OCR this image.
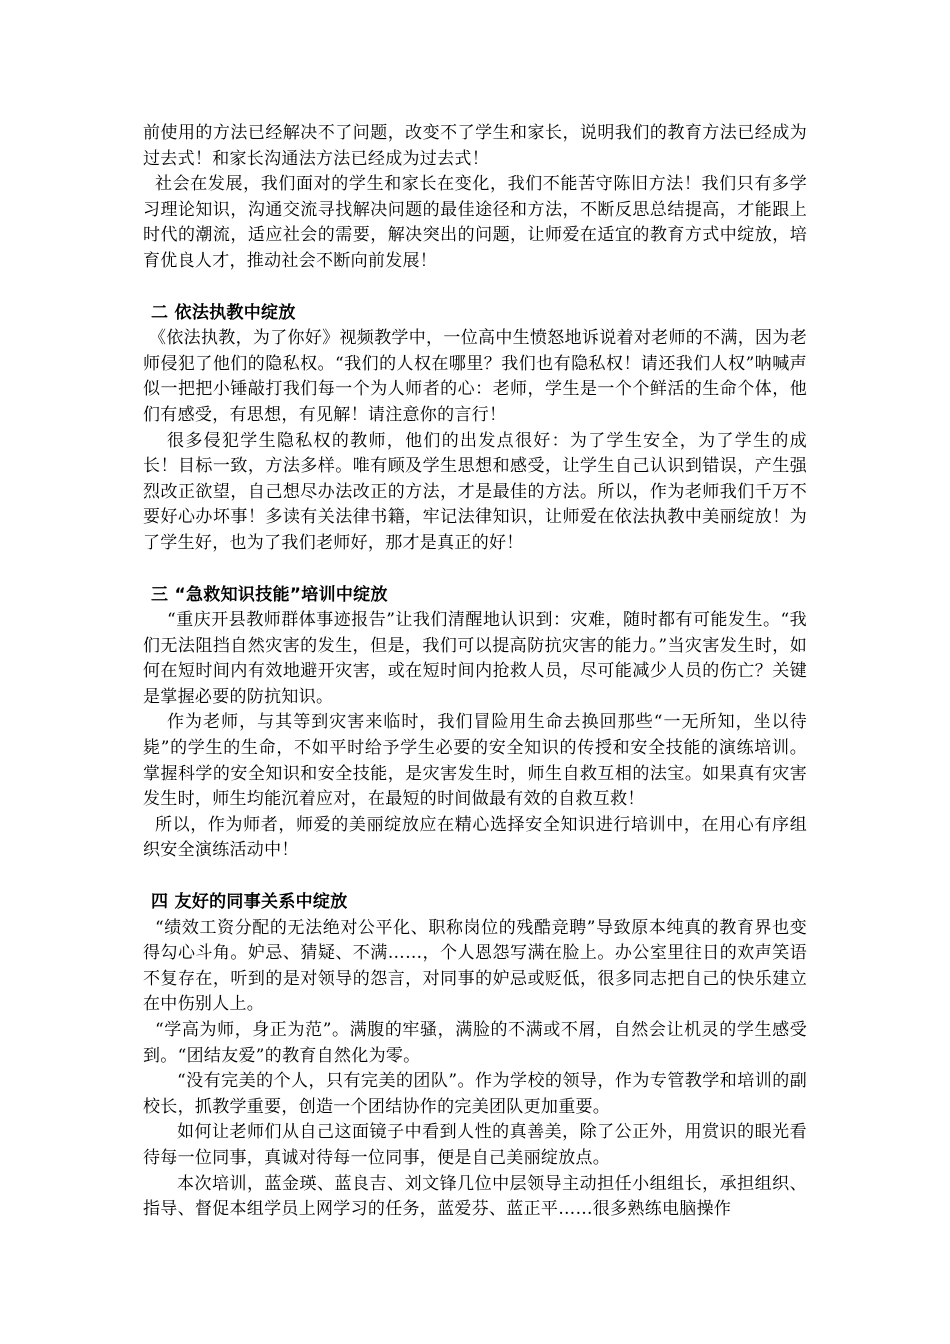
前使用的方法已经解决不了问题，改变不了学生和家长，说明我们的教育方法已经成为过去式！和家长沟通法方法已经成为过去式！

社会在发展，我们面对的学生和家长在变化，我们不能苦守陈旧方法！我们只有多学习理论知识，沟通交流寻找解决问题的最佳途径和方法，不断反思总结提高，才能跟上时代的潮流，适应社会的需要，解决突出的问题，让师爱在适宜的教育方式中绽放，培育优良人才，推动社会不断向前发展！

二 依法执教中绽放

《依法执教，为了你好》视频教学中，一位高中生愤怒地诉说着对老师的不满，因为老师侵犯了他们的隐私权。“我们的人权在哪里？我们也有隐私权！请还我们人权”呐喊声似一把把小锤敲打我们每一个为人师者的心：老师，学生是一个个鲜活的生命个体，他们有感受，有思想，有见解！请注意你的言行！

很多侵犯学生隐私权的教师，他们的出发点很好：为了学生安全，为了学生的成长！目标一致，方法多样。唯有顾及学生思想和感受，让学生自己认识到错误，产生强烈改正欲望，自己想尽办法改正的方法，才是最佳的方法。所以，作为老师我们千万不要好心办坏事！多读有关法律书籍，牢记法律知识，让师爱在依法执教中美丽绽放！为了学生好，也为了我们老师好，那才是真正的好！

三 “急救知识技能”培训中绽放

“重庆开县教师群体事迹报告”让我们清醒地认识到：灾难，随时都有可能发生。“我们无法阻挡自然灾害的发生，但是，我们可以提高防抗灾害的能力。”当灾害发生时，如何在短时间内有效地避开灾害，或在短时间内抢救人员，尽可能减少人员的伤亡？关键是掌握必要的防抗知识。

作为老师，与其等到灾害来临时，我们冒险用生命去换回那些“一无所知，坐以待毙”的学生的生命，不如平时给予学生必要的安全知识的传授和安全技能的演练培训。掌握科学的安全知识和安全技能，是灾害发生时，师生自救互相的法宝。如果真有灾害发生时，师生均能沉着应对，在最短的时间做最有效的自救互救！

所以，作为师者，师爱的美丽绽放应在精心选择安全知识进行培训中，在用心有序组织安全演练活动中！

四 友好的同事关系中绽放

“绩效工资分配的无法绝对公平化、职称岗位的残酷竞聘”导致原本纯真的教育界也变得勾心斗角。妒忌、猜疑、不满……，个人恩怨写满在脸上。办公室里往日的欢声笑语不复存在，听到的是对领导的怨言，对同事的妒忌或贬低，很多同志把自己的快乐建立在中伤别人上。

“学高为师，身正为范”。满腹的牢骚，满脸的不满或不屑，自然会让机灵的学生感受到。“团结友爱”的教育自然化为零。

“没有完美的个人，只有完美的团队”。作为学校的领导，作为专管教学和培训的副校长，抓教学重要，创造一个团结协作的完美团队更加重要。

如何让老师们从自己这面镜子中看到人性的真善美，除了公正外，用赏识的眼光看待每一位同事，真诚对待每一位同事，便是自己美丽绽放点。

本次培训，蓝金瑛、蓝良吉、刘文锋几位中层领导主动担任小组组长，承担组织、指导、督促本组学员上网学习的任务，蓝爱芬、蓝正平……很多熟练电脑操作
